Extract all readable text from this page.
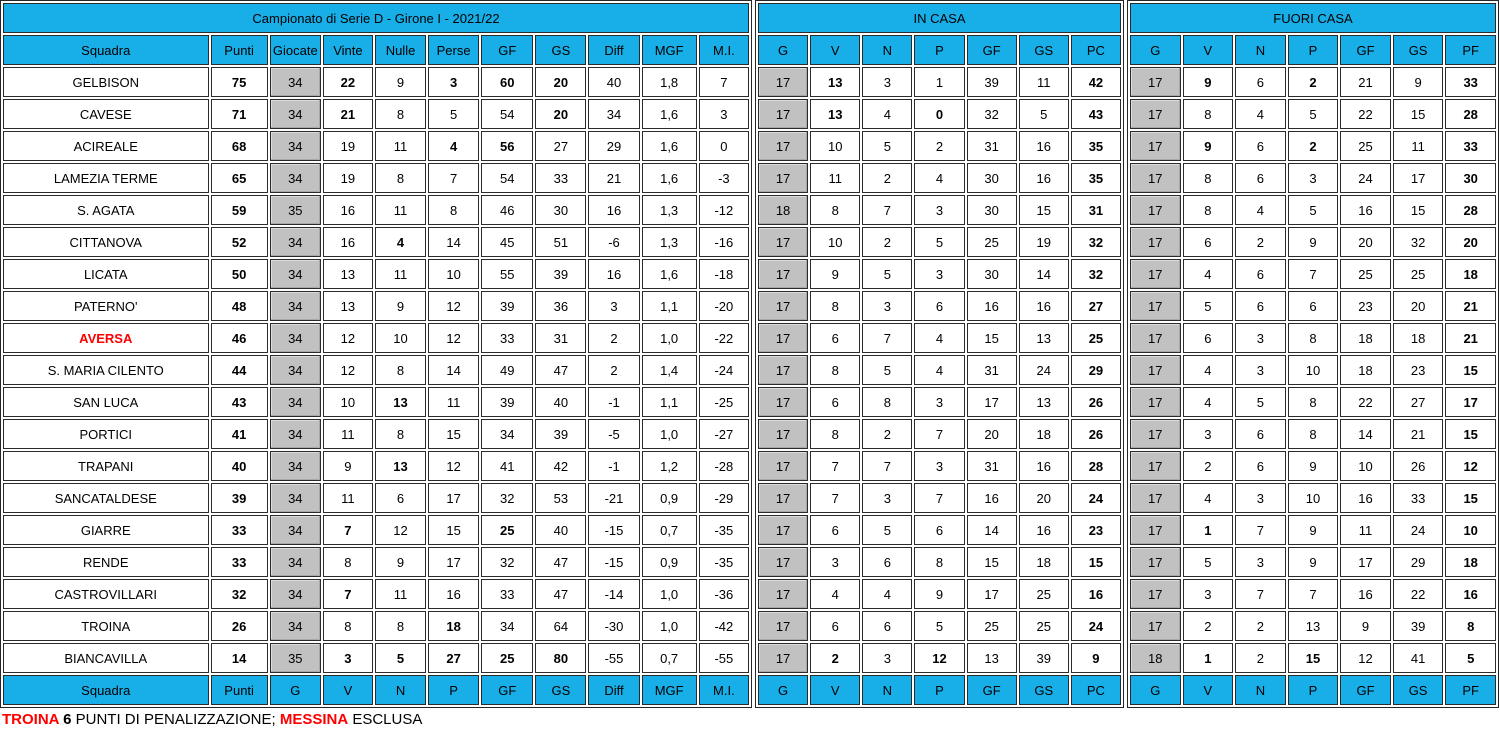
Campionato di Serie D - Girone I - 2021/22										
Squadra	Punti	Giocate	Vinte	Nulle	Perse	GF	GS	Diff	MGF	M.I.
GELBISON	75	34	22	9	3	60	20	40	1,8	7
CAVESE	71	34	21	8	5	54	20	34	1,6	3
ACIREALE	68	34	19	11	4	56	27	29	1,6	0
LAMEZIA TERME	65	34	19	8	7	54	33	21	1,6	-3
S. AGATA	59	35	16	11	8	46	30	16	1,3	-12
CITTANOVA	52	34	16	4	14	45	51	-6	1,3	-16
LICATA	50	34	13	11	10	55	39	16	1,6	-18
PATERNO'	48	34	13	9	12	39	36	3	1,1	-20
AVERSA	46	34	12	10	12	33	31	2	1,0	-22
S. MARIA CILENTO	44	34	12	8	14	49	47	2	1,4	-24
SAN LUCA	43	34	10	13	11	39	40	-1	1,1	-25
PORTICI	41	34	11	8	15	34	39	-5	1,0	-27
TRAPANI	40	34	9	13	12	41	42	-1	1,2	-28
SANCATALDESE	39	34	11	6	17	32	53	-21	0,9	-29
GIARRE	33	34	7	12	15	25	40	-15	0,7	-35
RENDE	33	34	8	9	17	32	47	-15	0,9	-35
CASTROVILLARI	32	34	7	11	16	33	47	-14	1,0	-36
TROINA	26	34	8	8	18	34	64	-30	1,0	-42
BIANCAVILLA	14	35	3	5	27	25	80	-55	0,7	-55
Squadra	Punti	G	V	N	P	GF	GS	Diff	MGF	M.I.
IN CASA						
G	V	N	P	GF	GS	PC
17	13	3	1	39	11	42
17	13	4	0	32	5	43
17	10	5	2	31	16	35
17	11	2	4	30	16	35
18	8	7	3	30	15	31
17	10	2	5	25	19	32
17	9	5	3	30	14	32
17	8	3	6	16	16	27
17	6	7	4	15	13	25
17	8	5	4	31	24	29
17	6	8	3	17	13	26
17	8	2	7	20	18	26
17	7	7	3	31	16	28
17	7	3	7	16	20	24
17	6	5	6	14	16	23
17	3	6	8	15	18	15
17	4	4	9	17	25	16
17	6	6	5	25	25	24
17	2	3	12	13	39	9
G	V	N	P	GF	GS	PC
FUORI CASA						
G	V	N	P	GF	GS	PF
17	9	6	2	21	9	33
17	8	4	5	22	15	28
17	9	6	2	25	11	33
17	8	6	3	24	17	30
17	8	4	5	16	15	28
17	6	2	9	20	32	20
17	4	6	7	25	25	18
17	5	6	6	23	20	21
17	6	3	8	18	18	21
17	4	3	10	18	23	15
17	4	5	8	22	27	17
17	3	6	8	14	21	15
17	2	6	9	10	26	12
17	4	3	10	16	33	15
17	1	7	9	11	24	10
17	5	3	9	17	29	18
17	3	7	7	16	22	16
17	2	2	13	9	39	8
18	1	2	15	12	41	5
G	V	N	P	GF	GS	PF
TROINA 6 PUNTI DI PENALIZZAZIONE; MESSINA ESCLUSA
